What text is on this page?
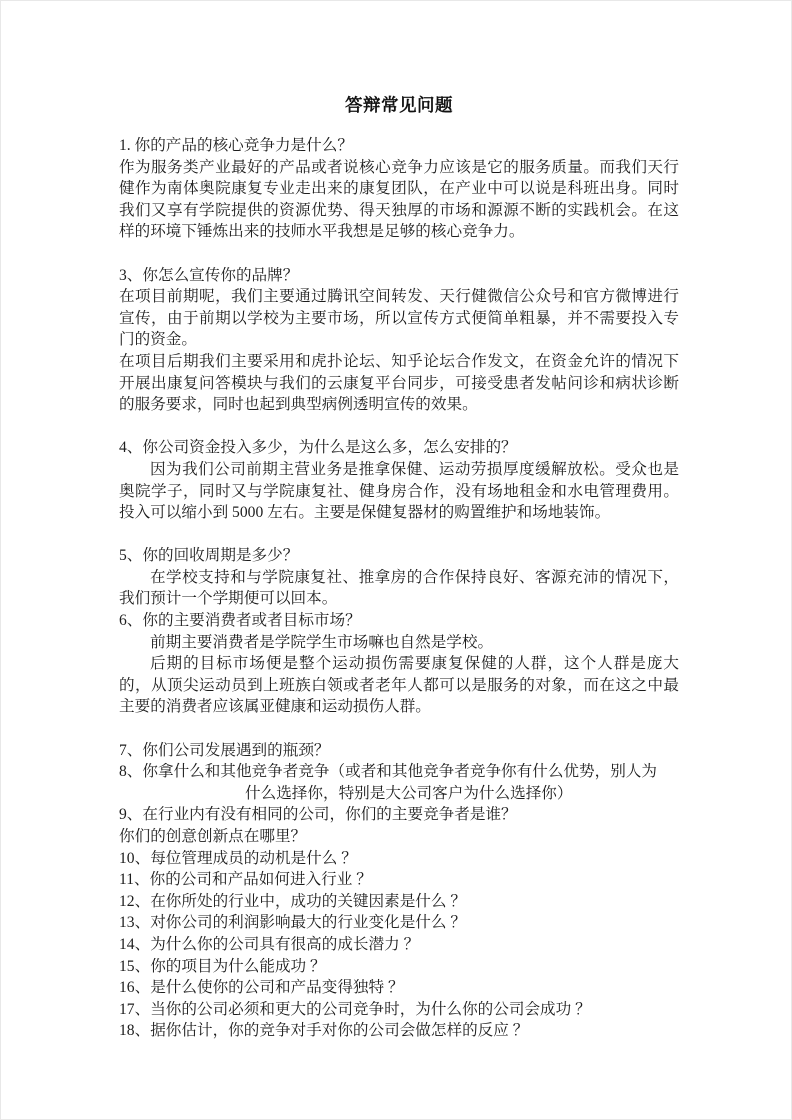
答辩常见问题

1. 你的产品的核心竞争力是什么？

作为服务类产业最好的产品或者说核心竞争力应该是它的服务质量。而我们天行健作为南体奥院康复专业走出来的康复团队，在产业中可以说是科班出身。同时我们又享有学院提供的资源优势、得天独厚的市场和源源不断的实践机会。在这样的环境下锤炼出来的技师水平我想是足够的核心竞争力。

3、你怎么宣传你的品牌？

在项目前期呢，我们主要通过腾讯空间转发、天行健微信公众号和官方微博进行宣传，由于前期以学校为主要市场，所以宣传方式便简单粗暴，并不需要投入专门的资金。

在项目后期我们主要采用和虎扑论坛、知乎论坛合作发文，在资金允许的情况下开展出康复问答模块与我们的云康复平台同步，可接受患者发帖问诊和病状诊断的服务要求，同时也起到典型病例透明宣传的效果。

4、你公司资金投入多少，为什么是这么多，怎么安排的？

因为我们公司前期主营业务是推拿保健、运动劳损厚度缓解放松。受众也是奥院学子，同时又与学院康复社、健身房合作，没有场地租金和水电管理费用。投入可以缩小到 5000 左右。主要是保健复器材的购置维护和场地装饰。

5、你的回收周期是多少？

在学校支持和与学院康复社、推拿房的合作保持良好、客源充沛的情况下，我们预计一个学期便可以回本。

6、你的主要消费者或者目标市场？

前期主要消费者是学院学生市场嘛也自然是学校。

后期的目标市场便是整个运动损伤需要康复保健的人群，这个人群是庞大的，从顶尖运动员到上班族白领或者老年人都可以是服务的对象，而在这之中最主要的消费者应该属亚健康和运动损伤人群。

7、你们公司发展遇到的瓶颈？

8、你拿什么和其他竞争者竞争（或者和其他竞争者竞争你有什么优势，别人为

什么选择你，特别是大公司客户为什么选择你）

9、在行业内有没有相同的公司，你们的主要竞争者是谁？

你们的创意创新点在哪里？

10、每位管理成员的动机是什么 ？

11、你的公司和产品如何进入行业 ？

12、在你所处的行业中，成功的关键因素是什么 ？

13、对你公司的利润影响最大的行业变化是什么 ？

14、为什么你的公司具有很高的成长潜力 ？

15、你的项目为什么能成功 ？

16、是什么使你的公司和产品变得独特 ？

17、当你的公司必须和更大的公司竞争时，为什么你的公司会成功 ？

18、据你估计，你的竞争对手对你的公司会做怎样的反应 ？
